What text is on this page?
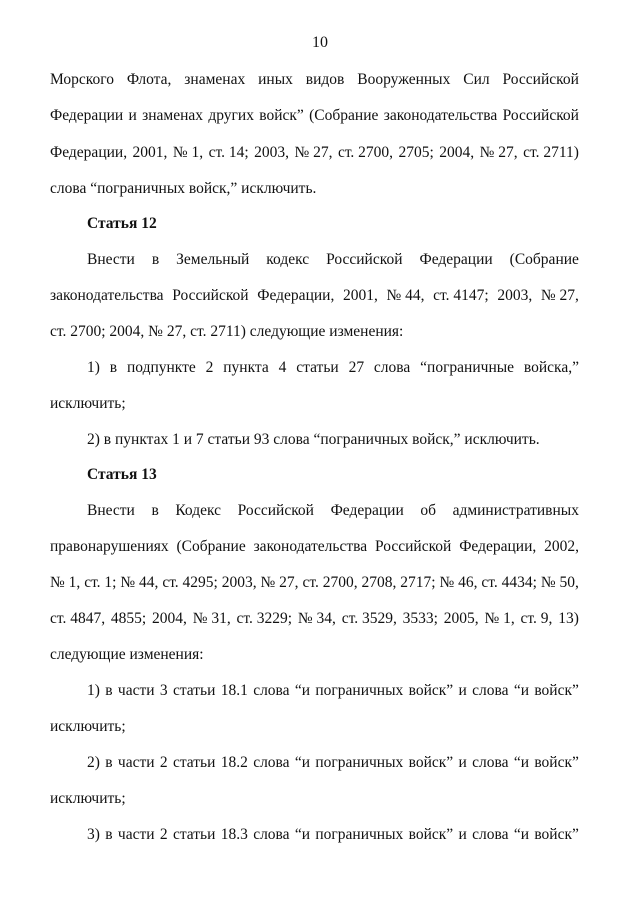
10
Морского Флота, знаменах иных видов Вооруженных Сил Российской
Федерации и знаменах других войск” (Собрание законодательства Российской
Федерации, 2001, № 1, ст. 14; 2003, № 27, ст. 2700, 2705; 2004, № 27, ст. 2711)
слова “пограничных войск,” исключить.
Статья 12
Внести в Земельный кодекс Российской Федерации (Собрание
законодательства Российской Федерации, 2001, № 44, ст. 4147; 2003, № 27,
ст. 2700; 2004, № 27, ст. 2711) следующие изменения:
1) в подпункте 2 пункта 4 статьи 27 слова “пограничные войска,”
исключить;
2) в пунктах 1 и 7 статьи 93 слова “пограничных войск,” исключить.
Статья 13
Внести в Кодекс Российской Федерации об административных
правонарушениях (Собрание законодательства Российской Федерации, 2002,
№ 1, ст. 1; № 44, ст. 4295; 2003, № 27, ст. 2700, 2708, 2717; № 46, ст. 4434; № 50,
ст. 4847, 4855; 2004, № 31, ст. 3229; № 34, ст. 3529, 3533; 2005, № 1, ст. 9, 13)
следующие изменения:
1) в части 3 статьи 18.1 слова “и пограничных войск” и слова “и войск”
исключить;
2) в части 2 статьи 18.2 слова “и пограничных войск” и слова “и войск”
исключить;
3) в части 2 статьи 18.3 слова “и пограничных войск” и слова “и войск”
